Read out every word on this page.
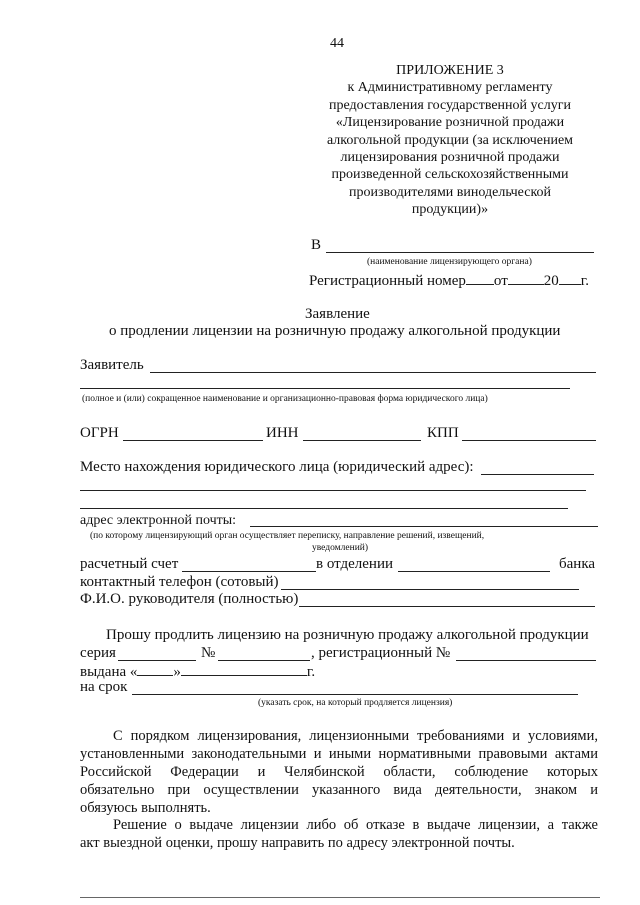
44
ПРИЛОЖЕНИЕ 3
к Административному регламенту
предоставления государственной услуги
«Лицензирование розничной продажи
алкогольной продукции (за исключением
лицензирования розничной продажи
произведенной сельскохозяйственными
производителями винодельческой
продукции)»
В
(наименование лицензирующего органа)
Регистрационный номер от 20 г.
Заявление
о продлении лицензии на розничную продажу алкогольной продукции
Заявитель
(полное и (или) сокращенное наименование и организационно-правовая форма юридического лица)
ОГРН	ИНН	КПП
Место нахождения юридического лица (юридический адрес):
адрес электронной почты:
(по которому лицензирующий орган осуществляет переписку, направление решений, извещений,
уведомлений)
расчетный счет	в отделении	банка
контактный телефон (сотовый)
Ф.И.О. руководителя (полностью)
Прошу продлить лицензию на розничную продажу алкогольной продукции
серия	№	, регистрационный №
выдана « »	г.
на срок
(указать срок, на который продляется лицензия)
С порядком лицензирования, лицензионными требованиями и условиями,
установленными законодательными и иными нормативными правовыми актами
Российской Федерации и Челябинской области, соблюдение которых
обязательно при осуществлении указанного вида деятельности, знаком и
обязуюсь выполнять.
Решение о выдаче лицензии либо об отказе в выдаче лицензии, а также
акт выездной оценки, прошу направить по адресу электронной почты.
